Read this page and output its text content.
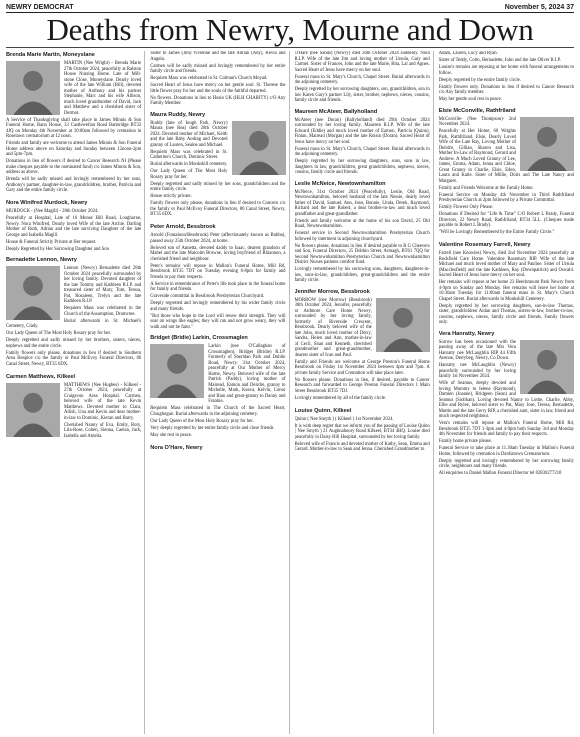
NEWRY DEMOCRAT	November 5, 2024 37
Deaths from Newry, Mourne and Down
Brenda Marie Martin, Moneyslane

MARTIN (Nee Wright) - Brenda Marie 27th October 2024, peacefully at Ralston House Nursing Home. Late of Mill-stone Close, Moneyslane. Dearly loved wife of the late William (Bill), devoted mother of Anthony and his partner Stephanie, Marc and his wife Allison, much loved grandmother of David, Jack and Matthew and a cherished sister of Dermot.

A Service of Thanksgiving shall take place in James Minnis & Son Funeral Home, Bann House, 33 Castlewellan Road Banbridge BT32 4JQ on Monday 4th November at 10:00am followed by cremation in Roselawn crematorium at 12 noon.

Friends and family are welcome to attend James Minnis & Son Funeral Home address above on Saturday and Sunday between 12noon-2pm and 5pm-7pm.

Donations in lieu of flowers if desired to Cancer Research NI (Please make cheques payable to the nominated fund) c/o James Minnis & Son, address as above.

Brenda will be sadly missed and lovingly remembered by her sons, Anthony's partner, daughter-in-law, grandchildren, brother, Patricia and Gary and the entire family circle.

Nora Winifred Murdock, Newry

MURDOCK - (Nee Magill) - 28th October 2024.

Peacefully at Hospital, Late of 16 Monse Hill Road, Loughorne, Newry. Nora Winifred, Dearly loved Wife of the late Archie. Darling Mother of Ruth, Adrian and the late surviving Daughter of the late George and Isabella Magill.

House & Funeral Strictly Private at Her request.

Deeply Regretted by Her Sorrowing Daughter and Son

Bernadette Lennon, Newry

Lennon (Newry) Bernadette died 28th October 2024 peacefully surrounded by her loving family. Devoted daughter of the late Tommy and Kathleen R.I.P. and treasured sister of Mary, Tom, Teresa, Pat, Rosaleen, Trelyn and the late Kathleen R.I.P.

Requiem Mass was celebrated in the Church of the Assumption, Drumcree.

Burial afterwards in St. Michael's Cemetery, Clady.

Our Lady Queen of The Most Holy Rosary pray for her.

Deeply regretted and sadly missed by her brothers, sisters, nieces, nephews and the entire circle.

Family flowers only please, donations in lieu if desired to Southern Area Hospice c/o the family or Paul McEvoy Funeral Directors, 80 Canal Street, Newry, BT35 6DX.

Carmen Matthews, Kilkeel

MATTHEWS (Nee Hughes) - Kilkeel - 27th October 2024, peacefully at Craigavon Area Hospital. Carmen, beloved wife of the late Kevin Matthews. Devoted mother to Ciara, Ailish, Una and Kevin and dear mother-in-law to Dominic, Kieran and Barry.

Cherished Nanny of Eva, Emily, Rory, Lila-Rose, Cohen, Sienna, Caelan, Jack, Isabella and Amelia.

Sister to James (Jim) Vivienne and the late Adrian (Ady), Kevin and Angela.

Carmen will be sadly missed and lovingly remembered by her entire family circle and friends.

Requiem Mass was celebrated in St. Colman's Church Moyad.

Sacred Heart of Jesus have mercy on her gentle soul. St. Therese the little flower pray for her and the souls of the faithful departed.

No flowers. Donations in lieu to Hosio UK (HLH CHARITY) c/O Any Family Member.

Maura Ruddy, Newry

Ruddy (late of Iough Park, Newry) Maura (nee Rea) died 28th October 2024. Devoted mother of Michael, Keith and the late Baby Aodrag and Devoted granny of Lauren, Seaine and Michael.

Requiem Mass was celebrated in St. Catherine's Church, Dominic Street.

Burial afterwards in Monkshill cemetery.

Our Lady Queen of The Most Holy Rosary pray for her.

Deeply regretted and sadly missed by her sons, grandchildren and the entire family circle.

House strictly private.

Family flowers only please, donations in lieu if desired to Concern c/o the family or Paul McEvoy Funeral Directors, 80 Canal Street, Newry, BT35 6DX.

Peter Arnold, Bessbrook

Arnold (Fontaloon/Bessbrook) Peter (affectionately known as Bubba), passed away 25th October 2024, at home.

Beloved son of Annetta, devoted daddy to Isaac, dearest grandson of Mabel and the late Malcolm Browne, loving boyfriend of Rhiannon, a cherished friend and neighbour.

Peter's remains will repose in Mallon's Funeral Home, Mill Rd, Bessbrook BT35 7DT on Tuesday evening 6-8pm for family and friends to pay their respects.

A Service in remembrance of Peter's life took place in the funeral home for family and friends.

Graveside committal in Bessbrook Presbyterian Churchyard.

Deeply regretted and lovingly remembered by his wider family circle and many friends.

"But those who hope in the Lord will renew their strength. They will soar on wings like eagles; they will run and not grow weary, they will walk and not be faint."

Bridget (Bridie) Larkin, Crossmaglen

Larkin (nee O'Callaghan of Crossmaglen), Bridget (Bridie) R.I.P. Formerly of Sheridan Park and Dublin Road, Newry. 31st October 2024, peacefully at Our Mother of Mercy Home, Newry. Beloved wife of the late Patrick (Paddy), loving mother of Mairead, Eamon and Deirdre, granny to Michelle, Mark, Keava, Kelvin, Conor and Rian and great-granny to Danny and Frankie.

Requiem Mass celebrated in The Church of the Sacred Heart, Cloughogue. Burial afterwards in the adjoining cemetery.

Our Lady Queen of the Most Holy Rosary pray for her.

Very deeply regretted by her entire family circle and close friends.

May she rest in peace.

Nora O'Hare, Newry

O'Hare (nee Sands) (Newry) died 26th October 2024 suddenly. Nora R.I.P. Wife of the late Jim and loving mother of Ursula, Gary and Carmel. Sister of Frances, John and the late Marie, Rita, Lal and Agnes. Sacred Heart of Jesus have mercy on her soul.

Funeral mass in St. Mary's Church, Chapel Street. Burial afterwards in the adjoining cemetery.

Deeply regretted by her sorrowing daughters, son, grandchildren, son in law Karen Gary's partner Lily, sister, brother, nephews, nieces, cousins, family circle and friends.

Maureen McAteer, Ballyholland

McAteer (nee Doran) (Ballyholland) died 29th October 2024 surrounded by her loving family. Maureen R.I.P. Wife of the late Edward (Eddie) and much loved mother of Eamon, Patricia (Quinn), Fintan, Mairead (Morgan) and the late Roisin (Doran). Sacred Heart of Jesus have mercy on her soul.

Funeral mass in St. Mary's Church, Chapel Street. Burial afterwards in the adjoining cemetery.

Deeply regretted by her sorrowing daughters, sons, sons in law, daughters in law, grandchildren, great grandchildren, nephews, nieces, cousins, family circle and friends.

Leslie McNeice, Newtownhamilton

McNeice, 31st October 2024 (Peacefully), Leslie, Old Road, Newtownhamilton, beloved husband of the late Nessie, dearly loved father of David, Samuel, Ann, Jean, Bonnie, Linda, Derek, Raymond, Richard and the late Robert, a dear brother-in-law and much loved grandfather and great-grandfather.

Friends and family welcome at the home of his son David, 25 Old Road, Newtownhamilton.

Funeral service in Second Newtownhamilton Presbyterian Church followed by interment in adjoining churchyard.

No flowers please, donations in lieu if desired payable to R G Cheevers and Son, Funeral Directors, 25 Dobbin Street, Armagh, BT61 7QQ for Second Newtownhamilton Presbyterian Church and Newtownhamilton District Nurses patients comfort fund.

Lovingly remembered by his sorrowing sons, daughters, daughters-in-law, sons-in-law, grandchildren, great-grandchildren and the entire family circle.

Jennifer Morrow, Bessbrook

MORROW (nee Morrow) (Bessbrook) 30th October 2024, Jennifer, peacefully at Ardmore Care Home Newry, surrounded by her loving family, formerly of Riverside Crescent, Bessbrook. Dearly beloved wife of the late John, much loved mother of Derry, Sandra, Helen and Ann, mother-in-law of Cecil, Shan and Kenneth, cherished grandmother and great-grandmother, dearest sister of Ivan and Paul.

Family and Friends are welcome at George Preston's Funeral Home Bessbrook on Friday 1st November 2024 between 4pm and 7pm. A private family Service and Cremation will take place later.

No flowers please. Donations in lieu, if desired, payable to Cancer Research and forwarded to George Preston Funeral Directors 1 Main Street Bessbrook BT35 7DJ.

Lovingly remembered by all of the family circle.

Louise Quinn, Kilkeel

Quinn ( Nee Smyth ) ( Kilkeel ) 1st November 2024.

It is with deep regret that we inform you of the passing of Louise Quinn ( Nee Smyth ) 21 Aughnahoory Road Kilkeel, BT34 4HQ. Louise died peacefully in Daisy Hill Hospital, surrounded by her loving family.

Beloved wife of Francis and devoted mother of Kathy, Sean, Emma and Gerard. Mother-in-law to Sean and Jenna. Cherished Grandmother to

Adam, Lauren, Lucy and Ryan.

Sister of Teddy, Colm, Bernadette, John and the late Oliver R.I.P.

Louise's remains are reposing at her home with funeral arrangements to follow.

Deeply regretted by the entire family circle.

Family flowers only. Donations in lieu if desired to Cancer Research c/o Any family member.

May her gentle soul rest in peace.

Elsie McConville, Rathfriland

McConville- (Nee Thompson)- 2nd November 2024.

Peacefully at Her Home, 60 Wrights Park, Rathfriland. Elsie, Dearly Loved Wife of the Late Ray, Loving Mother of Deirdre, Gillian, Sharon and Lisa, Mother In-Law of Raymond, Gerard and Andrew. A Much Loved Granny of Lee, James, Emma, Adam, Jenna and Chloe, Great Granny to Charlie, Elsie, Eden, Laura and Katie. Sister of Millie, Doris and The Late Nancy and Margaret.

Family and Friends Welcome at the Family Home.

Funeral Service on Monday 4th November in Third Rathfriland Presbyterian Church at 2pm followed by a Private Committal.

Family Flowers Only Please.

Donations if Desired for "Life & Time" C/O Robert L Brady, Funeral Directors, 22 Newry Road, Rathfriland, BT34 5LL. (Cheques made payable to Robert L Brady).

"Will be Lovingly Remembered by the Entire Family Circle."

Valentine Rosemary Farrell, Newry

Farrell (nee Knowles) Newry, died 2nd November 2024 peacefully at Rockfield Care Home. Valentine Rosemary RIP. Wife of the late Michael and much loved mother of Mary and Pauline. Sister of Ursula (Macclesfield) and the late Kathleen, Ray (Downpatrick) and Oswald. Sacred Heart of Jesus have mercy on her soul.

Her remains will repose at her home 23 Beechmount Park Newry from 4-9pm on Sunday and Monday. Her remains will leave her home at 10:30am Tuesday for 11:00am funeral mass in St. Mary's Church Chapel Street. Burial afterwards in Monkshill Cemetery.

Deeply regretted by her sorrowing daughters, son-in-law Thomas, sister, grandchildren Aidan and Thomas, sisters-in-law, brother-in-law, cousins, nephews, nieces, family circle and friends. Family flowers only.

Vera Hanratty, Newry

Sorrow has been occasioned with the passing away of the late Mrs Vera Hanratty nee McLaughlin RIP 44 Fifth Avenue, Derrybeg, Newry, Co Down.

Hanratty nee McLaughlin (Newry) peacefully surrounded by her loving family 1st November 2024.

Wife of Seamus, deeply devoted and loving Mummy to Ielene (Raymond), Damien (Joanne), Bridgeen (Sean) and Seamus (Siobhan). Loving devoted Nanny to Lottie, Charlie, Abby, Ellie and Rylee, beloved sister to Pat, Mary Jose, Teresa, Bernadette, Martin and the late Gerry RIP, a cherished aunt, sister in law, friend and much respected neighbour.

Vera's remains will repose at Mallon's Funeral Home, Mill Rd, Bessbrook BT35 7DT 1-3pm and 4-9pm both Sunday 3rd and Monday 4th November for friends and family to pay their respects.

Family home private please.

Funeral Service to take place at 11.30am Tuesday in Mallon's Funeral Home, followed by cremation in Dardistown Crematorium.

Deeply regretted and lovingly remembered by her sorrowing family circle, neighbours and many friends.

All enquiries to Daniel Mallon Funeral Director tel 02830277210
